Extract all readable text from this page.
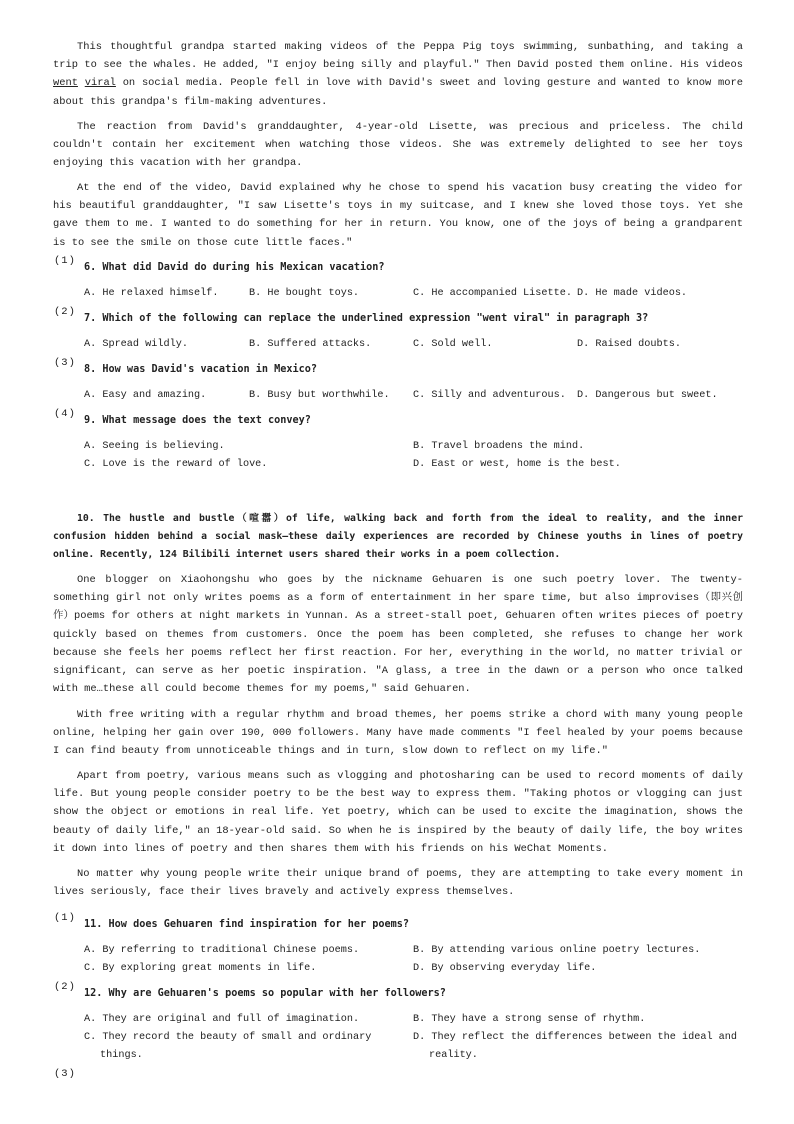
This thoughtful grandpa started making videos of the Peppa Pig toys swimming, sunbathing, and taking a trip to see the whales. He added, "I enjoy being silly and playful." Then David posted them online. His videos went viral on social media. People fell in love with David's sweet and loving gesture and wanted to know more about this grandpa's film-making adventures.

The reaction from David's granddaughter, 4-year-old Lisette, was precious and priceless. The child couldn't contain her excitement when watching those videos. She was extremely delighted to see her toys enjoying this vacation with her grandpa.

At the end of the video, David explained why he chose to spend his vacation busy creating the video for his beautiful granddaughter, "I saw Lisette's toys in my suitcase, and I knew she loved those toys. Yet she gave them to me. I wanted to do something for her in return. You know, one of the joys of being a grandparent is to see the smile on those cute little faces."

(1)
6. What did David do during his Mexican vacation?
A. He relaxed himself.	B. He bought toys.	C. He accompanied Lisette. D. He made videos.
(2)
7. Which of the following can replace the underlined expression "went viral" in paragraph 3?
A. Spread wildly.	B. Suffered attacks.	C. Sold well.	D. Raised doubts.
(3)
8. How was David's vacation in Mexico?
A. Easy and amazing.	B. Busy but worthwhile. C. Silly and adventurous. D. Dangerous but sweet.
(4)
9. What message does the text convey?
A. Seeing is believing.	B. Travel broadens the mind.
C. Love is the reward of love.	D. East or west, home is the best.

10. The hustle and bustle（喧嚣）of life, walking back and forth from the ideal to reality, and the inner confusion hidden behind a social mask—these daily experiences are recorded by Chinese youths in lines of poetry online. Recently, 124 Bilibili internet users shared their works in a poem collection.

One blogger on Xiaohongshu who goes by the nickname Gehuaren is one such poetry lover. The twenty-something girl not only writes poems as a form of entertainment in her spare time, but also improvises（即兴创作）poems for others at night markets in Yunnan. As a street-stall poet, Gehuaren often writes pieces of poetry quickly based on themes from customers. Once the poem has been completed, she refuses to change her work because she feels her poems reflect her first reaction. For her, everything in the world, no matter trivial or significant, can serve as her poetic inspiration. "A glass, a tree in the dawn or a person who once talked with me…these all could become themes for my poems," said Gehuaren.

With free writing with a regular rhythm and broad themes, her poems strike a chord with many young people online, helping her gain over 190, 000 followers. Many have made comments "I feel healed by your poems because I can find beauty from unnoticeable things and in turn, slow down to reflect on my life."

Apart from poetry, various means such as vlogging and photosharing can be used to record moments of daily life. But young people consider poetry to be the best way to express them. "Taking photos or vlogging can just show the object or emotions in real life. Yet poetry, which can be used to excite the imagination, shows the beauty of daily life," an 18-year-old said. So when he is inspired by the beauty of daily life, the boy writes it down into lines of poetry and then shares them with his friends on his WeChat Moments.

No matter why young people write their unique brand of poems, they are attempting to take every moment in lives seriously, face their lives bravely and actively express themselves.

(1)
11. How does Gehuaren find inspiration for her poems?
A. By referring to traditional Chinese poems.	B. By attending various online poetry lectures.
C. By exploring great moments in life.	D. By observing everyday life.
(2)
12. Why are Gehuaren's poems so popular with her followers?
A. They are original and full of imagination.	B. They have a strong sense of rhythm.
C. They record the beauty of small and ordinary things.
D. They reflect the differences between the ideal and reality.
(3)
